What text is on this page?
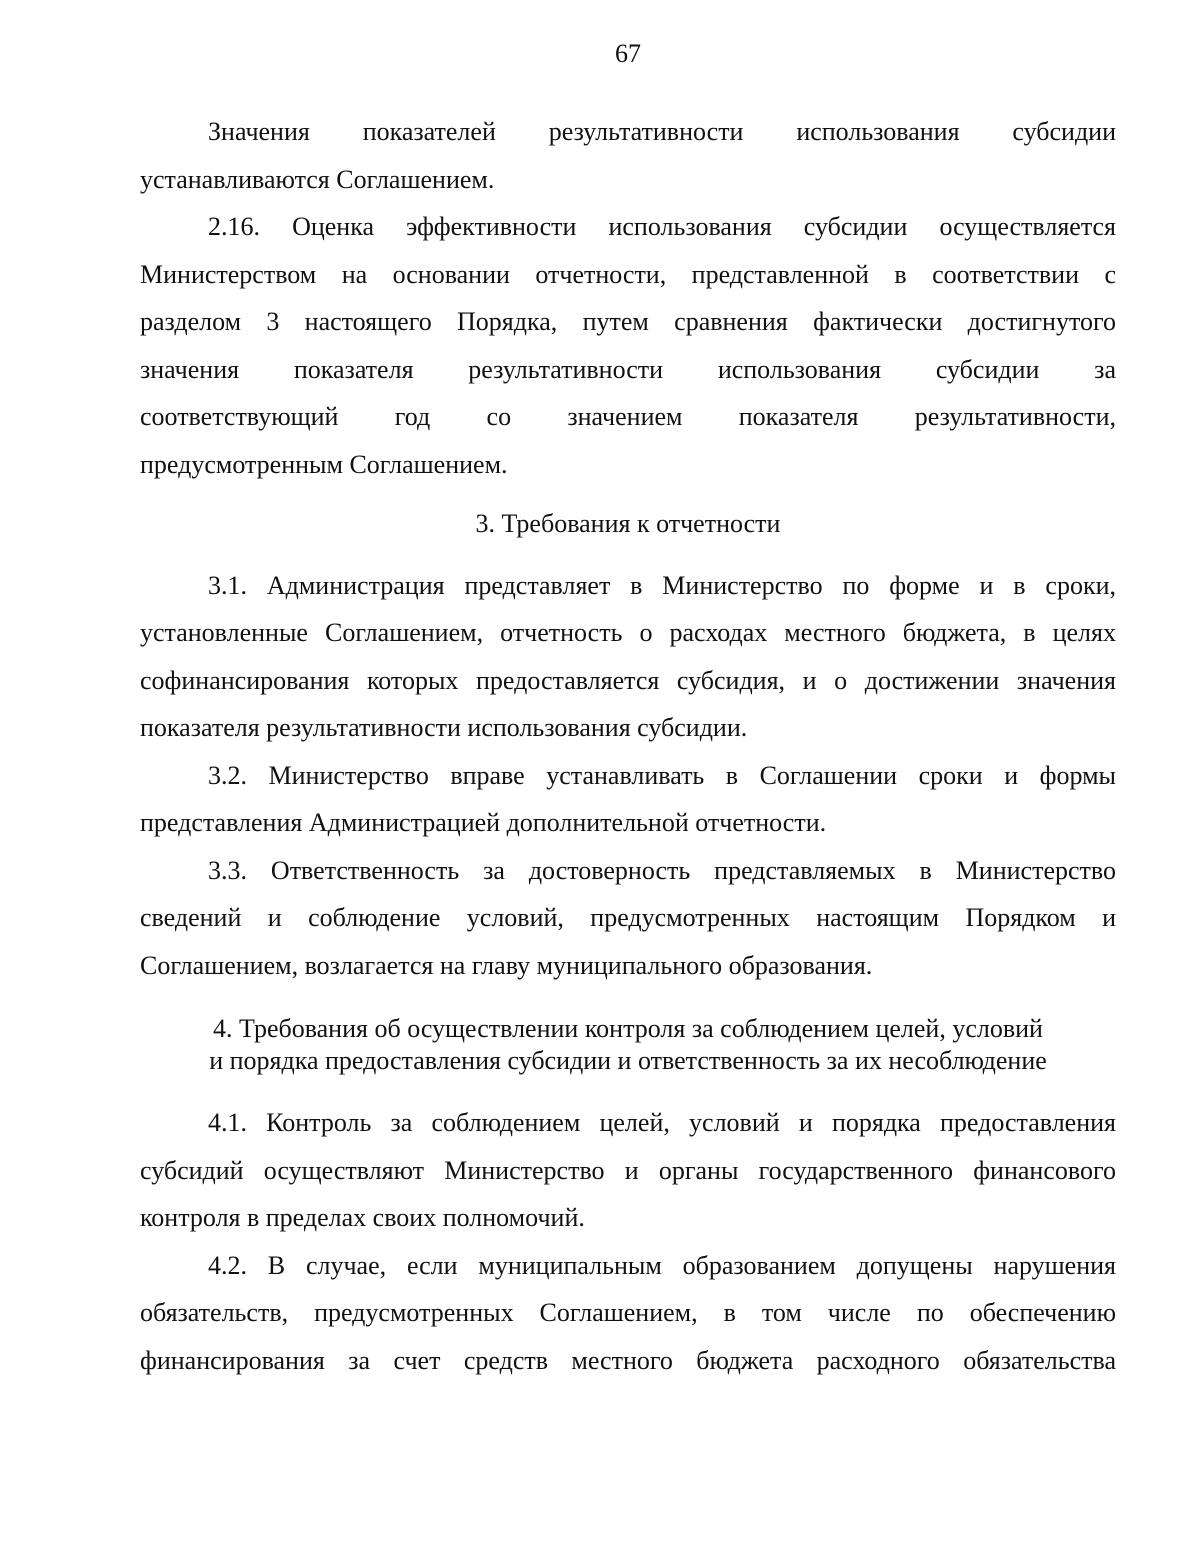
67
Значения показателей результативности использования субсидии
устанавливаются Соглашением.
2.16. Оценка эффективности использования субсидии осуществляется
Министерством на основании отчетности, представленной в соответствии с
разделом 3 настоящего Порядка, путем сравнения фактически достигнутого
значения показателя результативности использования субсидии за
соответствующий год со значением показателя результативности,
предусмотренным Соглашением.
3. Требования к отчетности
3.1. Администрация представляет в Министерство по форме и в сроки,
установленные Соглашением, отчетность о расходах местного бюджета, в целях
софинансирования которых предоставляется субсидия, и о достижении значения
показателя результативности использования субсидии.
3.2. Министерство вправе устанавливать в Соглашении сроки и формы
представления Администрацией дополнительной отчетности.
3.3. Ответственность за достоверность представляемых в Министерство
сведений и соблюдение условий, предусмотренных настоящим Порядком и
Соглашением, возлагается на главу муниципального образования.
4. Требования об осуществлении контроля за соблюдением целей, условий
и порядка предоставления субсидии и ответственность за их несоблюдение
4.1. Контроль за соблюдением целей, условий и порядка предоставления
субсидий осуществляют Министерство и органы государственного финансового
контроля в пределах своих полномочий.
4.2. В случае, если муниципальным образованием допущены нарушения
обязательств, предусмотренных Соглашением, в том числе по обеспечению
финансирования за счет средств местного бюджета расходного обязательства
